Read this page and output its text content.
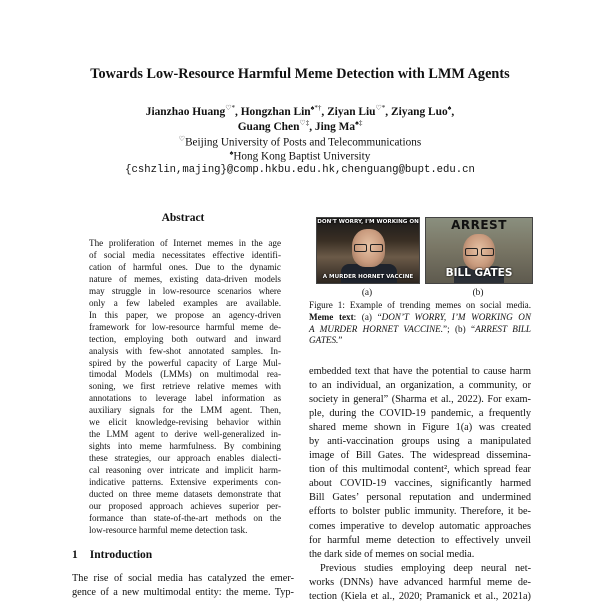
Towards Low-Resource Harmful Meme Detection with LMM Agents
Jianzhao Huang♡*, Hongzhan Lin♠*†, Ziyan Liu♡*, Ziyang Luo♠,
Guang Chen♡‡, Jing Ma♠‡
♡Beijing University of Posts and Telecommunications
♠Hong Kong Baptist University
{cshzlin,majing}@comp.hkbu.edu.hk,chenguang@bupt.edu.cn
Abstract
The proliferation of Internet memes in the age
of social media necessitates effective identifi-
cation of harmful ones. Due to the dynamic
nature of memes, existing data-driven models
may struggle in low-resource scenarios where
only a few labeled examples are available.
In this paper, we propose an agency-driven
framework for low-resource harmful meme de-
tection, employing both outward and inward
analysis with few-shot annotated samples. In-
spired by the powerful capacity of Large Mul-
timodal Models (LMMs) on multimodal rea-
soning, we first retrieve relative memes with
annotations to leverage label information as
auxiliary signals for the LMM agent. Then,
we elicit knowledge-revising behavior within
the LMM agent to derive well-generalized in-
sights into meme harmfulness. By combining
these strategies, our approach enables dialecti-
cal reasoning over intricate and implicit harm-
indicative patterns. Extensive experiments con-
ducted on three meme datasets demonstrate that
our proposed approach achieves superior per-
formance than state-of-the-art methods on the
low-resource harmful meme detection task.
1 Introduction
The rise of social media has catalyzed the emer-
gence of a new multimodal entity: the meme. Typ-
DON'T WORRY, I'M WORKING ON
A MURDER HORNET VACCINE
ARREST
BILL GATES
(a)	(b)
Figure 1: Example of trending memes on social media.
Meme text: (a) “DON’T WORRY, I’M WORKING ON
A MURDER HORNET VACCINE.”; (b) “ARREST BILL
GATES.”
embedded text that have the potential to cause harm
to an individual, an organization, a community, or
society in general” (Sharma et al., 2022). For exam-
ple, during the COVID-19 pandemic, a frequently
shared meme shown in Figure 1(a) was created
by anti-vaccination groups using a manipulated
image of Bill Gates. The widespread dissemina-
tion of this multimodal content², which spread fear
about COVID-19 vaccines, significantly harmed
Bill Gates’ personal reputation and undermined
efforts to bolster public immunity. Therefore, it be-
comes imperative to develop automatic approaches
for harmful meme detection to effectively unveil
the dark side of memes on social media.
Previous studies employing deep neural net-
works (DNNs) have advanced harmful meme de-
tection (Kiela et al., 2020; Pramanick et al., 2021a)
